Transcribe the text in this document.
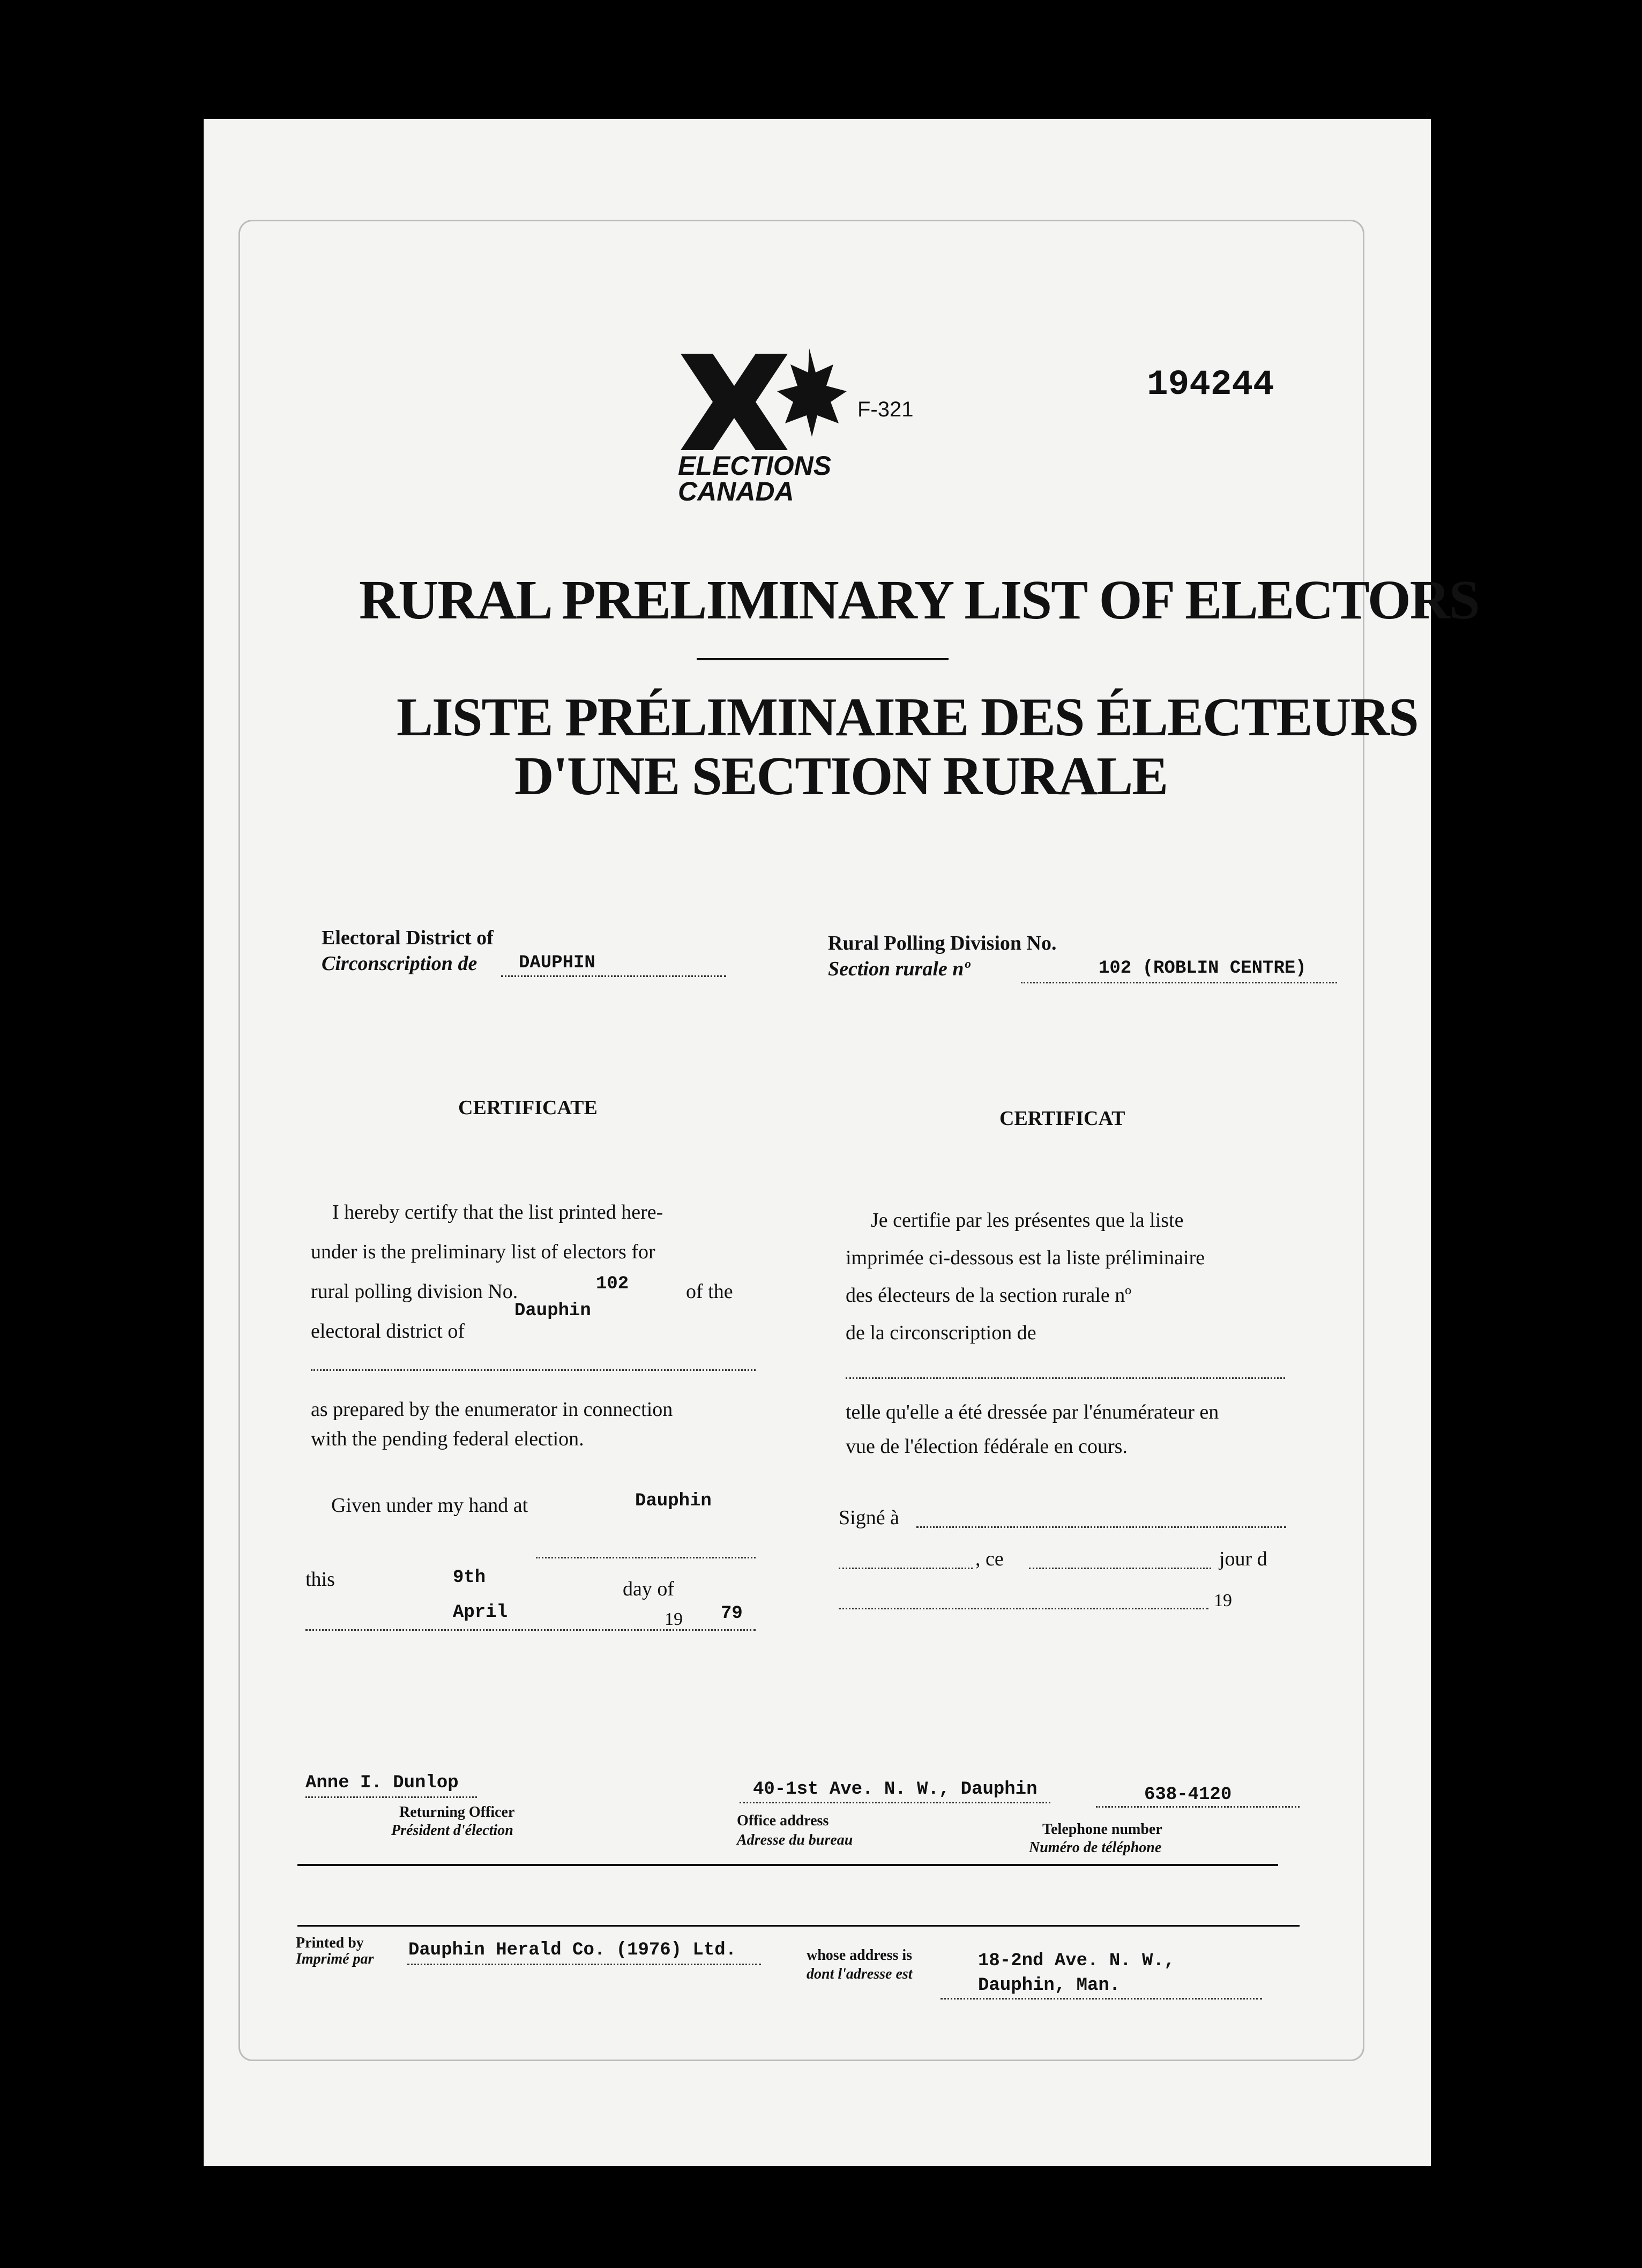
ELECTIONS
CANADA
F-321
194244
RURAL PRELIMINARY LIST OF ELECTORS
LISTE PRÉLIMINAIRE DES ÉLECTEURS
D'UNE SECTION RURALE
Electoral District of
Circonscription de DAUPHIN
Rural Polling Division No.
Section rurale nº	102 (ROBLIN CENTRE)
CERTIFICATE
I hereby certify that the list printed here-
under is the preliminary list of electors for
rural polling division No.	102	of the
electoral district of
Dauphin
as prepared by the enumerator in connection
with the pending federal election.
Given under my hand at	Dauphin
this	9th	day of
April	19 79
CERTIFICAT
Je certifie par les présentes que la liste
imprimée ci-dessous est la liste préliminaire
des électeurs de la section rurale nº
de la circonscription de
telle qu'elle a été dressée par l'énumérateur en
vue de l'élection fédérale en cours.
Signé à
, ce	jour d
19
Anne I. Dunlop
Returning Officer
Président d'élection
40-1st Ave. N. W., Dauphin
Office address
Adresse du bureau
638-4120
Telephone number
Numéro de téléphone
Printed by
Imprimé par Dauphin Herald Co. (1976) Ltd.	whose address is
dont l'adresse est
18-2nd Ave. N. W.,
Dauphin, Man.
